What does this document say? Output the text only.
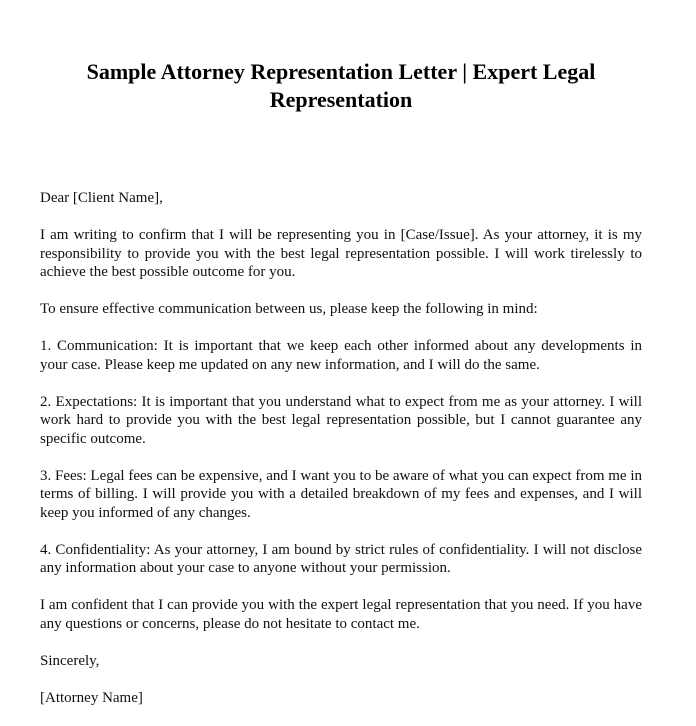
Sample Attorney Representation Letter | Expert Legal Representation

Dear [Client Name],

I am writing to confirm that I will be representing you in [Case/Issue]. As your attorney, it is my responsibility to provide you with the best legal representation possible. I will work tirelessly to achieve the best possible outcome for you.

To ensure effective communication between us, please keep the following in mind:

1. Communication: It is important that we keep each other informed about any developments in your case. Please keep me updated on any new information, and I will do the same.

2. Expectations: It is important that you understand what to expect from me as your attorney. I will work hard to provide you with the best legal representation possible, but I cannot guarantee any specific outcome.

3. Fees: Legal fees can be expensive, and I want you to be aware of what you can expect from me in terms of billing. I will provide you with a detailed breakdown of my fees and expenses, and I will keep you informed of any changes.

4. Confidentiality: As your attorney, I am bound by strict rules of confidentiality. I will not disclose any information about your case to anyone without your permission.

I am confident that I can provide you with the expert legal representation that you need. If you have any questions or concerns, please do not hesitate to contact me.

Sincerely,

[Attorney Name]
